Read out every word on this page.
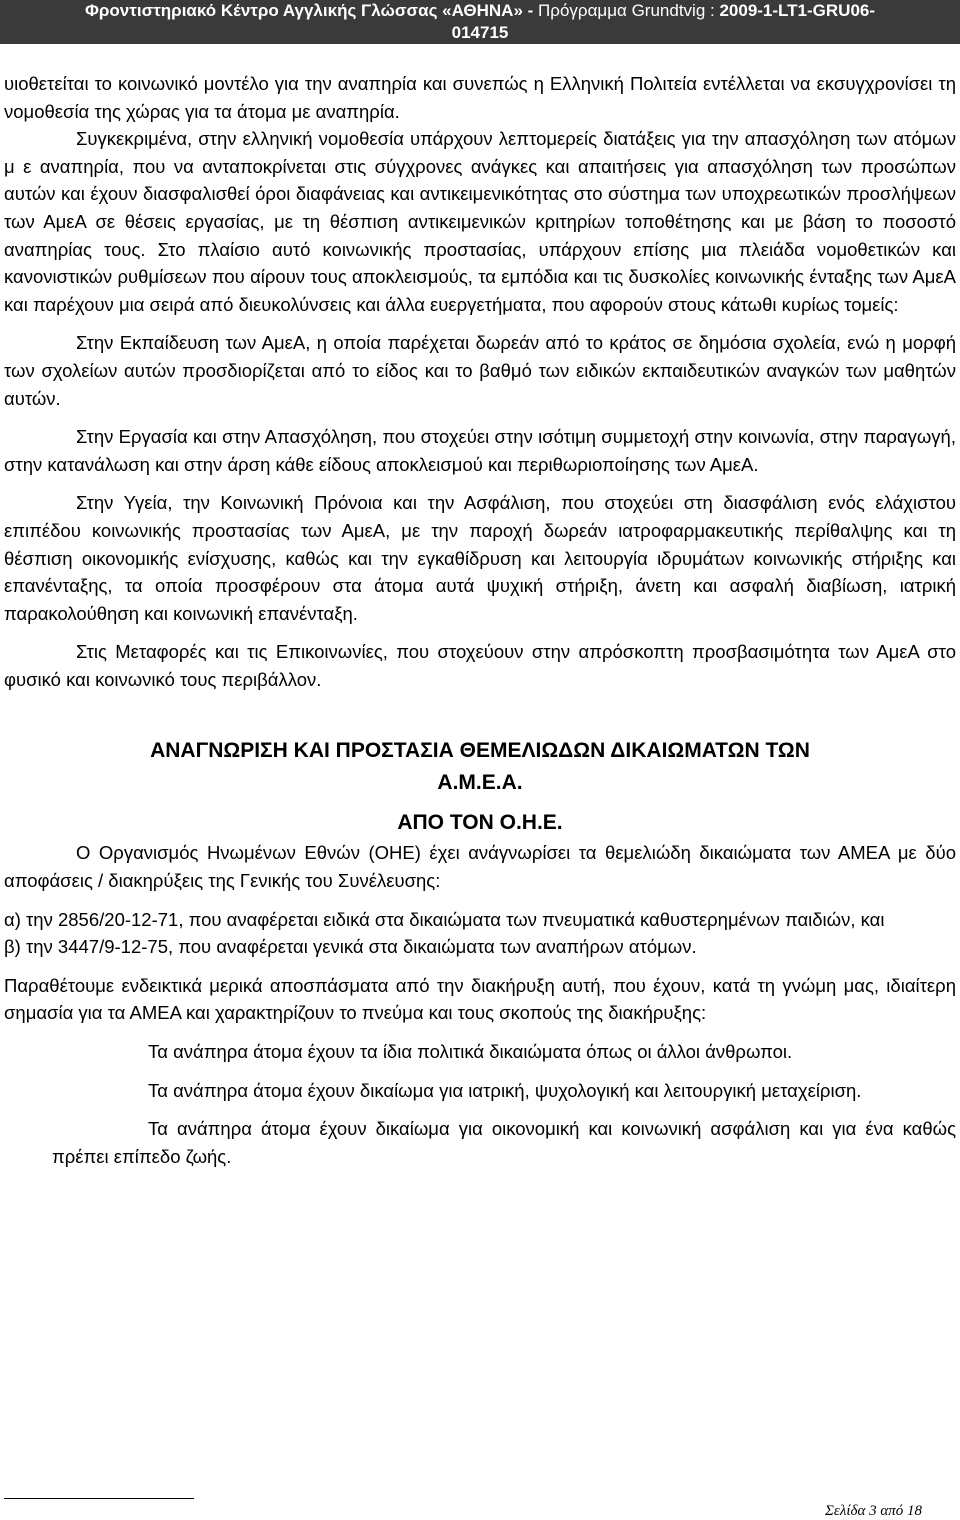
Φροντιστηριακό Κέντρο Αγγλικής Γλώσσας «ΑΘΗΝΑ» - Πρόγραμμα Grundtvig : 2009-1-LT1-GRU06-
014715

υιοθετείται το κοινωνικό μοντέλο για την αναπηρία και συνεπώς η Ελληνική Πολιτεία εντέλλεται να εκσυγχρονίσει τη νομοθεσία της χώρας για τα άτομα με αναπηρία.

Συγκεκριμένα, στην ελληνική νομοθεσία υπάρχουν λεπτομερείς διατάξεις για την απασχόληση των ατόμων μ ε αναπηρία, που να ανταποκρίνεται στις σύγχρονες ανάγκες και απαιτήσεις για απασχόληση των προσώπων αυτών και έχουν διασφαλισθεί όροι διαφάνειας και αντικειμενικότητας στο σύστημα των υποχρεωτικών προσλήψεων των ΑμεΑ σε θέσεις εργασίας, με τη θέσπιση αντικειμενικών κριτηρίων τοποθέτησης και με βάση το ποσοστό αναπηρίας τους. Στο πλαίσιο αυτό κοινωνικής προστασίας, υπάρχουν επίσης μια πλειάδα νομοθετικών και κανονιστικών ρυθμίσεων που αίρουν τους αποκλεισμούς, τα εμπόδια και τις δυσκολίες κοινωνικής ένταξης των ΑμεΑ και παρέχουν μια σειρά από διευκολύνσεις και άλλα ευεργετήματα, που αφορούν στους κάτωθι κυρίως τομείς:

Στην Εκπαίδευση των ΑμεΑ, η οποία παρέχεται δωρεάν από το κράτος σε δημόσια σχολεία, ενώ η μορφή των σχολείων αυτών προσδιορίζεται από το είδος και το βαθμό των ειδικών εκπαιδευτικών αναγκών των μαθητών αυτών.

Στην Εργασία και στην Απασχόληση, που στοχεύει στην ισότιμη συμμετοχή στην κοινωνία, στην παραγωγή, στην κατανάλωση και στην άρση κάθε είδους αποκλεισμού και περιθωριοποίησης των ΑμεΑ.

Στην Υγεία, την Κοινωνική Πρόνοια και την Ασφάλιση, που στοχεύει στη διασφάλιση ενός ελάχιστου επιπέδου κοινωνικής προστασίας των ΑμεΑ, με την παροχή δωρεάν ιατροφαρμακευτικής περίθαλψης και τη θέσπιση οικονομικής ενίσχυσης, καθώς και την εγκαθίδρυση και λειτουργία ιδρυμάτων κοινωνικής στήριξης και επανένταξης, τα οποία προσφέρουν στα άτομα αυτά ψυχική στήριξη, άνετη και ασφαλή διαβίωση, ιατρική παρακολούθηση και κοινωνική επανένταξη.

Στις Μεταφορές και τις Επικοινωνίες, που στοχεύουν στην απρόσκοπτη προσβασιμότητα των ΑμεΑ στο φυσικό και κοινωνικό τους περιβάλλον.

ΑΝΑΓΝΩΡΙΣΗ ΚΑΙ ΠΡΟΣΤΑΣΙΑ ΘΕΜΕΛΙΩΔΩΝ ΔΙΚΑΙΩΜΑΤΩΝ ΤΩΝ
Α.Μ.Ε.Α.
ΑΠΟ ΤΟΝ Ο.Η.Ε.

Ο Οργανισμός Ηνωμένων Εθνών (ΟΗΕ) έχει ανάγνωρίσει τα θεμελιώδη δικαιώματα των ΑΜΕΑ με δύο αποφάσεις / διακηρύξεις της Γενικής του Συνέλευσης:

α) την 2856/20-12-71, που αναφέρεται ειδικά στα δικαιώματα των πνευματικά καθυστερημένων παιδιών, και

β) την 3447/9-12-75, που αναφέρεται γενικά στα δικαιώματα των αναπήρων ατόμων.

Παραθέτουμε ενδεικτικά μερικά αποσπάσματα από την διακήρυξη αυτή, που έχουν, κατά τη γνώμη μας, ιδιαίτερη σημασία για τα ΑΜΕΑ και χαρακτηρίζουν το πνεύμα και τους σκοπούς της διακήρυξης:

Τα ανάπηρα άτομα έχουν τα ίδια πολιτικά δικαιώματα όπως οι άλλοι άνθρωποι.

Τα ανάπηρα άτομα έχουν δικαίωμα για ιατρική, ψυχολογική και λειτουργική μεταχείριση.

Τα ανάπηρα άτομα έχουν δικαίωμα για οικονομική και κοινωνική ασφάλιση και για ένα καθώς πρέπει επίπεδο ζωής.

Σελίδα 3 από 18
